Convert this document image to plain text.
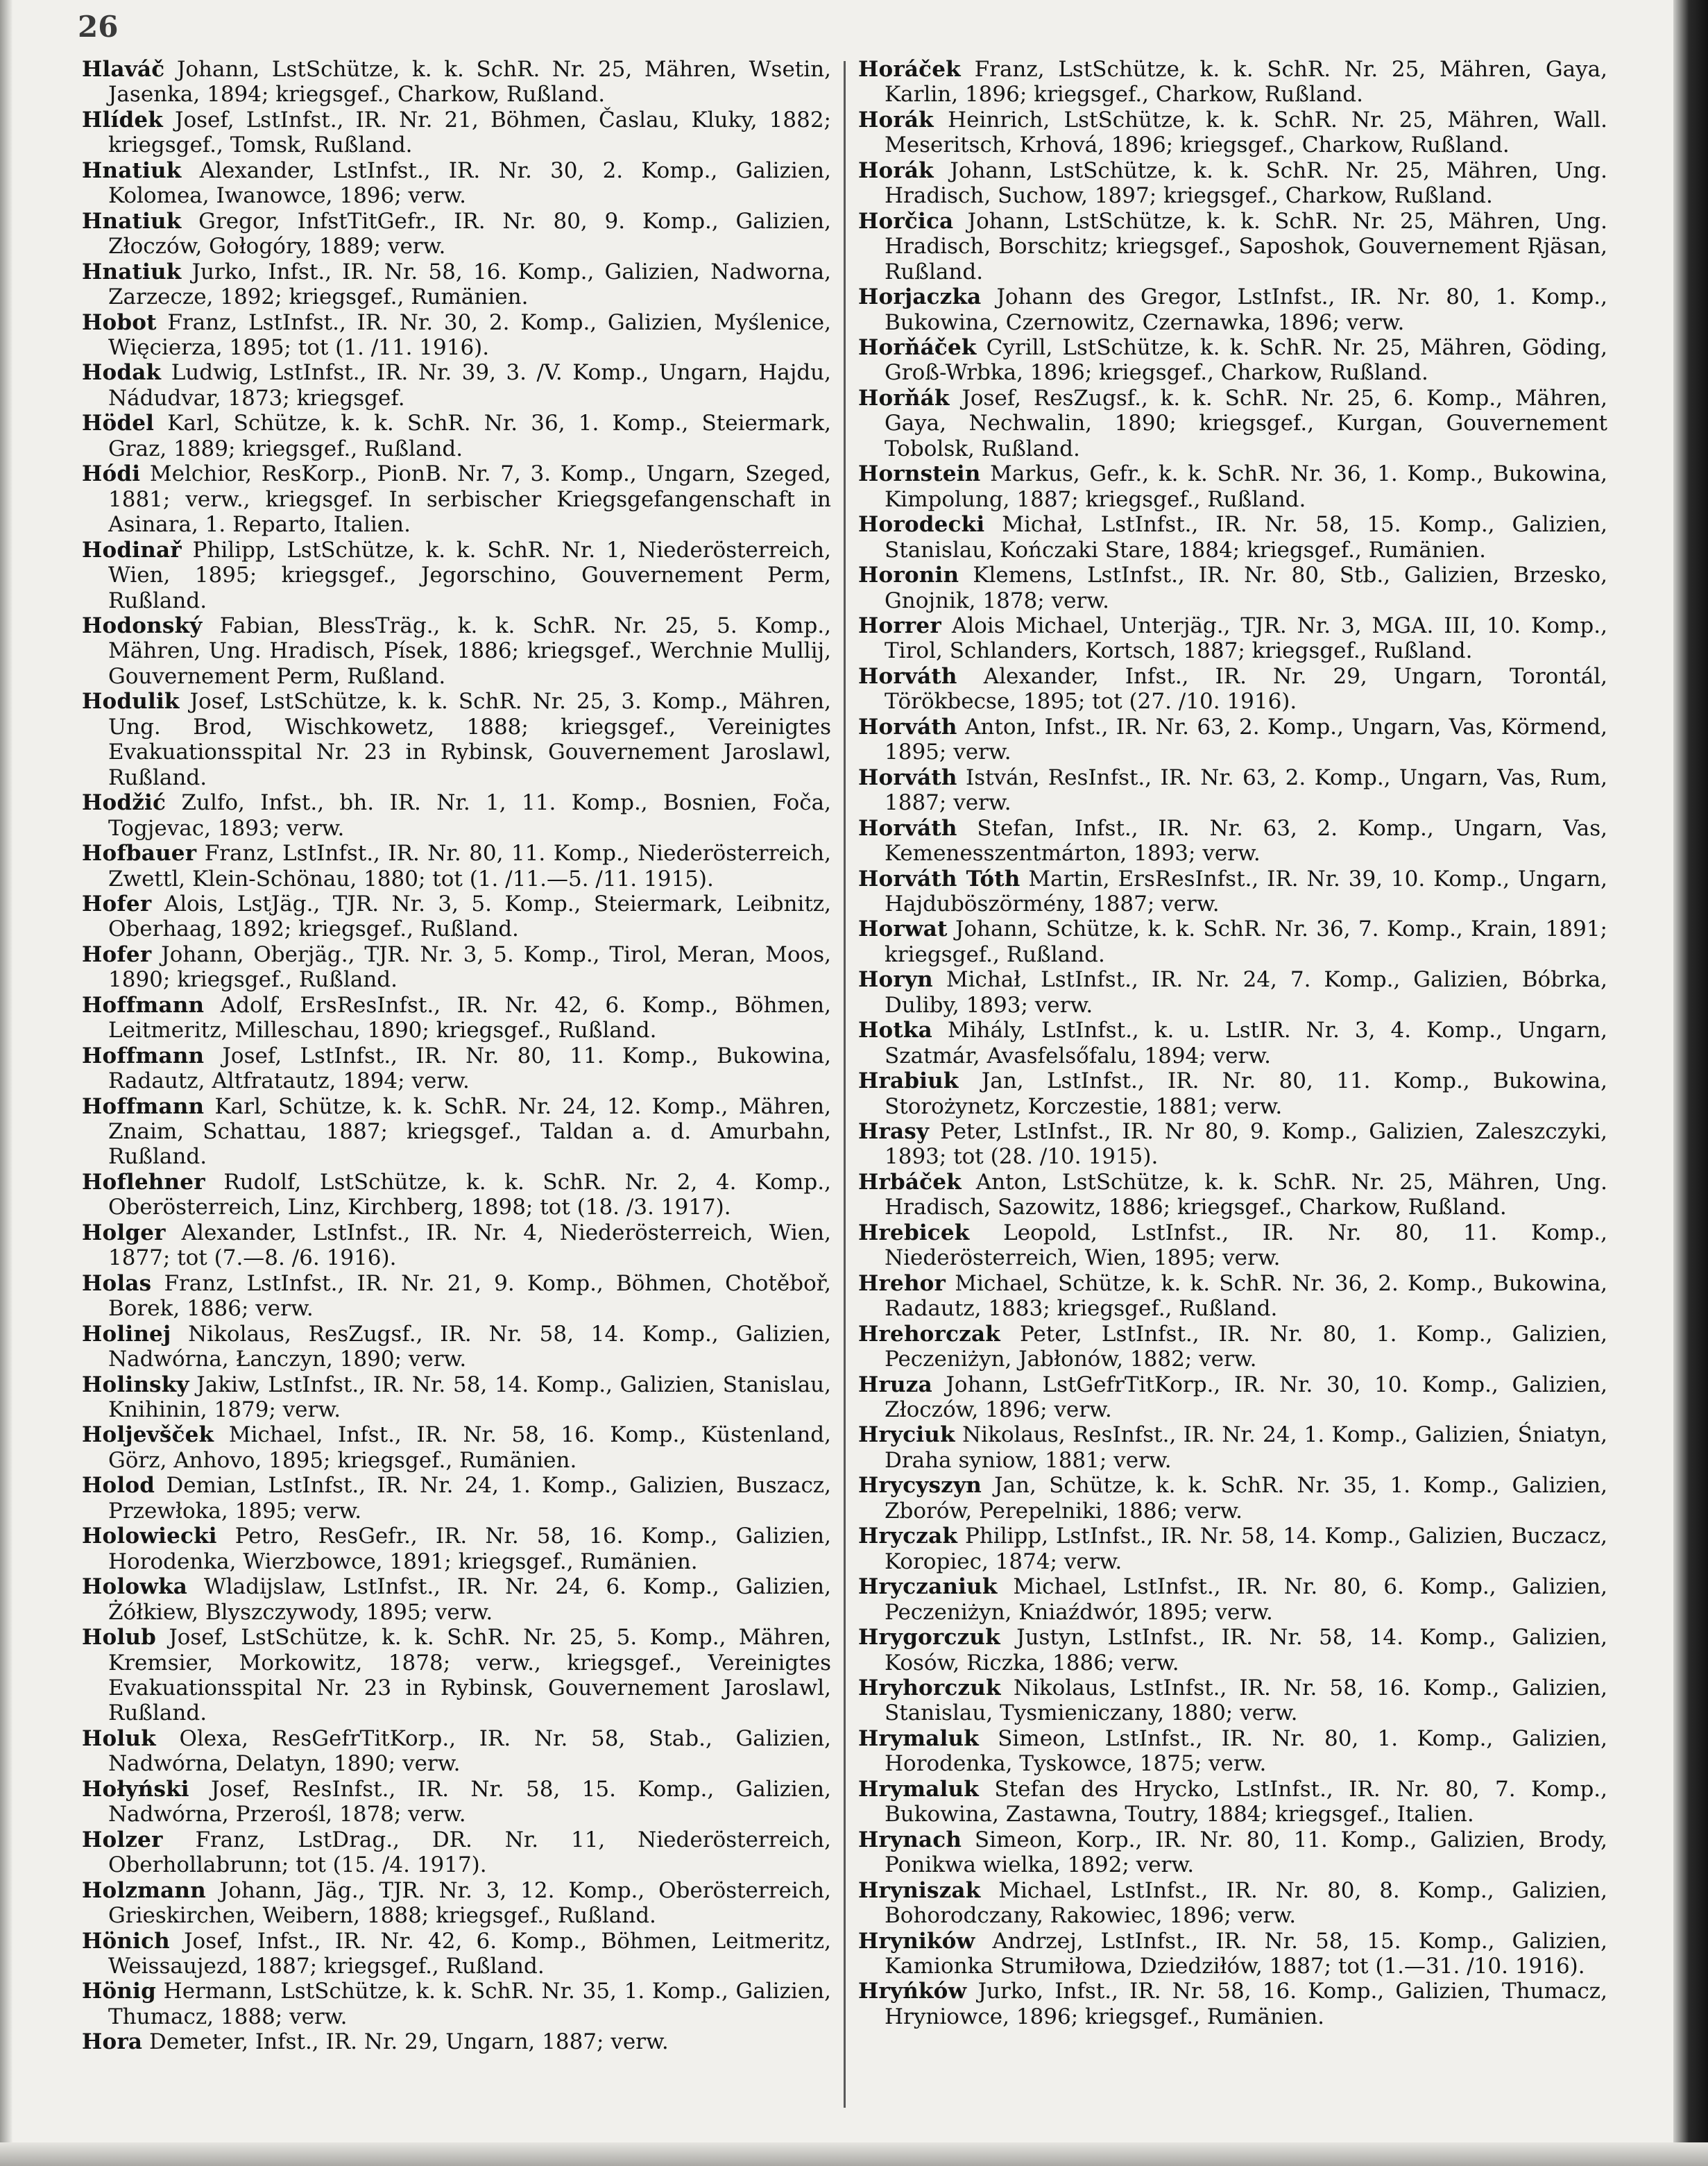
26

Hlaváč Johann, LstSchütze, k. k. SchR. Nr. 25, Mähren, Wsetin, Jasenka, 1894; kriegsgef., Charkow, Rußland.

Hlídek Josef, LstInfst., IR. Nr. 21, Böhmen, Časlau, Kluky, 1882; kriegsgef., Tomsk, Rußland.

Hnatiuk Alexander, LstInfst., IR. Nr. 30, 2. Komp., Galizien, Kolomea, Iwanowce, 1896; verw.

Hnatiuk Gregor, InfstTitGefr., IR. Nr. 80, 9. Komp., Galizien, Złoczów, Gołogóry, 1889; verw.

Hnatiuk Jurko, Infst., IR. Nr. 58, 16. Komp., Galizien, Nadworna, Zarzecze, 1892; kriegsgef., Rumänien.

Hobot Franz, LstInfst., IR. Nr. 30, 2. Komp., Galizien, Myślenice, Więcierza, 1895; tot (1. /11. 1916).

Hodak Ludwig, LstInfst., IR. Nr. 39, 3. /V. Komp., Ungarn, Hajdu, Nádudvar, 1873; kriegsgef.

Hödel Karl, Schütze, k. k. SchR. Nr. 36, 1. Komp., Steiermark, Graz, 1889; kriegsgef., Rußland.

Hódi Melchior, ResKorp., PionB. Nr. 7, 3. Komp., Ungarn, Szeged, 1881; verw., kriegsgef. In serbischer Kriegsgefangenschaft in Asinara, 1. Reparto, Italien.

Hodinař Philipp, LstSchütze, k. k. SchR. Nr. 1, Niederösterreich, Wien, 1895; kriegsgef., Jegorschino, Gouvernement Perm, Rußland.

Hodonský Fabian, BlessTräg., k. k. SchR. Nr. 25, 5. Komp., Mähren, Ung. Hradisch, Písek, 1886; kriegsgef., Werchnie Mullij, Gouvernement Perm, Rußland.

Hodulik Josef, LstSchütze, k. k. SchR. Nr. 25, 3. Komp., Mähren, Ung. Brod, Wischkowetz, 1888; kriegsgef., Vereinigtes Evakuationsspital Nr. 23 in Rybinsk, Gouvernement Jaroslawl, Rußland.

Hodžić Zulfo, Infst., bh. IR. Nr. 1, 11. Komp., Bosnien, Foča, Togjevac, 1893; verw.

Hofbauer Franz, LstInfst., IR. Nr. 80, 11. Komp., Niederösterreich, Zwettl, Klein-Schönau, 1880; tot (1. /11.—5. /11. 1915).

Hofer Alois, LstJäg., TJR. Nr. 3, 5. Komp., Steiermark, Leibnitz, Oberhaag, 1892; kriegsgef., Rußland.

Hofer Johann, Oberjäg., TJR. Nr. 3, 5. Komp., Tirol, Meran, Moos, 1890; kriegsgef., Rußland.

Hoffmann Adolf, ErsResInfst., IR. Nr. 42, 6. Komp., Böhmen, Leitmeritz, Milleschau, 1890; kriegsgef., Rußland.

Hoffmann Josef, LstInfst., IR. Nr. 80, 11. Komp., Bukowina, Radautz, Altfratautz, 1894; verw.

Hoffmann Karl, Schütze, k. k. SchR. Nr. 24, 12. Komp., Mähren, Znaim, Schattau, 1887; kriegsgef., Taldan a. d. Amurbahn, Rußland.

Hoflehner Rudolf, LstSchütze, k. k. SchR. Nr. 2, 4. Komp., Oberösterreich, Linz, Kirchberg, 1898; tot (18. /3. 1917).

Holger Alexander, LstInfst., IR. Nr. 4, Niederösterreich, Wien, 1877; tot (7.—8. /6. 1916).

Holas Franz, LstInfst., IR. Nr. 21, 9. Komp., Böhmen, Chotěboř, Borek, 1886; verw.

Holinej Nikolaus, ResZugsf., IR. Nr. 58, 14. Komp., Galizien, Nadwórna, Łanczyn, 1890; verw.

Holinsky Jakiw, LstInfst., IR. Nr. 58, 14. Komp., Galizien, Stanislau, Knihinin, 1879; verw.

Holjevšček Michael, Infst., IR. Nr. 58, 16. Komp., Küstenland, Görz, Anhovo, 1895; kriegsgef., Rumänien.

Holod Demian, LstInfst., IR. Nr. 24, 1. Komp., Galizien, Buszacz, Przewłoka, 1895; verw.

Holowiecki Petro, ResGefr., IR. Nr. 58, 16. Komp., Galizien, Horodenka, Wierzbowce, 1891; kriegsgef., Rumänien.

Holowka Wladijslaw, LstInfst., IR. Nr. 24, 6. Komp., Galizien, Żółkiew, Blyszczywody, 1895; verw.

Holub Josef, LstSchütze, k. k. SchR. Nr. 25, 5. Komp., Mähren, Kremsier, Morkowitz, 1878; verw., kriegsgef., Vereinigtes Evakuationsspital Nr. 23 in Rybinsk, Gouvernement Jaroslawl, Rußland.

Holuk Olexa, ResGefrTitKorp., IR. Nr. 58, Stab., Galizien, Nadwórna, Delatyn, 1890; verw.

Hołyński Josef, ResInfst., IR. Nr. 58, 15. Komp., Galizien, Nadwórna, Przerośl, 1878; verw.

Holzer Franz, LstDrag., DR. Nr. 11, Niederösterreich, Oberhollabrunn; tot (15. /4. 1917).

Holzmann Johann, Jäg., TJR. Nr. 3, 12. Komp., Oberösterreich, Grieskirchen, Weibern, 1888; kriegsgef., Rußland.

Hönich Josef, Infst., IR. Nr. 42, 6. Komp., Böhmen, Leitmeritz, Weissaujezd, 1887; kriegsgef., Rußland.

Hönig Hermann, LstSchütze, k. k. SchR. Nr. 35, 1. Komp., Galizien, Thumacz, 1888; verw.

Hora Demeter, Infst., IR. Nr. 29, Ungarn, 1887; verw.

Horáček Franz, LstSchütze, k. k. SchR. Nr. 25, Mähren, Gaya, Karlin, 1896; kriegsgef., Charkow, Rußland.

Horák Heinrich, LstSchütze, k. k. SchR. Nr. 25, Mähren, Wall. Meseritsch, Krhová, 1896; kriegsgef., Charkow, Rußland.

Horák Johann, LstSchütze, k. k. SchR. Nr. 25, Mähren, Ung. Hradisch, Suchow, 1897; kriegsgef., Charkow, Rußland.

Horčica Johann, LstSchütze, k. k. SchR. Nr. 25, Mähren, Ung. Hradisch, Borschitz; kriegsgef., Saposhok, Gouvernement Rjäsan, Rußland.

Horjaczka Johann des Gregor, LstInfst., IR. Nr. 80, 1. Komp., Bukowina, Czernowitz, Czernawka, 1896; verw.

Horňáček Cyrill, LstSchütze, k. k. SchR. Nr. 25, Mähren, Göding, Groß-Wrbka, 1896; kriegsgef., Charkow, Rußland.

Horňák Josef, ResZugsf., k. k. SchR. Nr. 25, 6. Komp., Mähren, Gaya, Nechwalin, 1890; kriegsgef., Kurgan, Gouvernement Tobolsk, Rußland.

Hornstein Markus, Gefr., k. k. SchR. Nr. 36, 1. Komp., Bukowina, Kimpolung, 1887; kriegsgef., Rußland.

Horodecki Michał, LstInfst., IR. Nr. 58, 15. Komp., Galizien, Stanislau, Kończaki Stare, 1884; kriegsgef., Rumänien.

Horonin Klemens, LstInfst., IR. Nr. 80, Stb., Galizien, Brzesko, Gnojnik, 1878; verw.

Horrer Alois Michael, Unterjäg., TJR. Nr. 3, MGA. III, 10. Komp., Tirol, Schlanders, Kortsch, 1887; kriegsgef., Rußland.

Horváth Alexander, Infst., IR. Nr. 29, Ungarn, Torontál, Törökbecse, 1895; tot (27. /10. 1916).

Horváth Anton, Infst., IR. Nr. 63, 2. Komp., Ungarn, Vas, Körmend, 1895; verw.

Horváth István, ResInfst., IR. Nr. 63, 2. Komp., Ungarn, Vas, Rum, 1887; verw.

Horváth Stefan, Infst., IR. Nr. 63, 2. Komp., Ungarn, Vas, Kemenesszentmárton, 1893; verw.

Horváth Tóth Martin, ErsResInfst., IR. Nr. 39, 10. Komp., Ungarn, Hajduböszörmény, 1887; verw.

Horwat Johann, Schütze, k. k. SchR. Nr. 36, 7. Komp., Krain, 1891; kriegsgef., Rußland.

Horyn Michał, LstInfst., IR. Nr. 24, 7. Komp., Galizien, Bóbrka, Duliby, 1893; verw.

Hotka Mihály, LstInfst., k. u. LstIR. Nr. 3, 4. Komp., Ungarn, Szatmár, Avasfelsőfalu, 1894; verw.

Hrabiuk Jan, LstInfst., IR. Nr. 80, 11. Komp., Bukowina, Storożynetz, Korczestie, 1881; verw.

Hrasy Peter, LstInfst., IR. Nr 80, 9. Komp., Galizien, Zaleszczyki, 1893; tot (28. /10. 1915).

Hrbáček Anton, LstSchütze, k. k. SchR. Nr. 25, Mähren, Ung. Hradisch, Sazowitz, 1886; kriegsgef., Charkow, Rußland.

Hrebicek Leopold, LstInfst., IR. Nr. 80, 11. Komp., Niederösterreich, Wien, 1895; verw.

Hrehor Michael, Schütze, k. k. SchR. Nr. 36, 2. Komp., Bukowina, Radautz, 1883; kriegsgef., Rußland.

Hrehorczak Peter, LstInfst., IR. Nr. 80, 1. Komp., Galizien, Peczeniżyn, Jabłonów, 1882; verw.

Hruza Johann, LstGefrTitKorp., IR. Nr. 30, 10. Komp., Galizien, Złoczów, 1896; verw.

Hryciuk Nikolaus, ResInfst., IR. Nr. 24, 1. Komp., Galizien, Śniatyn, Draha syniow, 1881; verw.

Hrycyszyn Jan, Schütze, k. k. SchR. Nr. 35, 1. Komp., Galizien, Zborów, Perepelniki, 1886; verw.

Hryczak Philipp, LstInfst., IR. Nr. 58, 14. Komp., Galizien, Buczacz, Koropiec, 1874; verw.

Hryczaniuk Michael, LstInfst., IR. Nr. 80, 6. Komp., Galizien, Peczeniżyn, Kniaźdwór, 1895; verw.

Hrygorczuk Justyn, LstInfst., IR. Nr. 58, 14. Komp., Galizien, Kosów, Riczka, 1886; verw.

Hryhorczuk Nikolaus, LstInfst., IR. Nr. 58, 16. Komp., Galizien, Stanislau, Tysmieniczany, 1880; verw.

Hrymaluk Simeon, LstInfst., IR. Nr. 80, 1. Komp., Galizien, Horodenka, Tyskowce, 1875; verw.

Hrymaluk Stefan des Hrycko, LstInfst., IR. Nr. 80, 7. Komp., Bukowina, Zastawna, Toutry, 1884; kriegsgef., Italien.

Hrynach Simeon, Korp., IR. Nr. 80, 11. Komp., Galizien, Brody, Ponikwa wielka, 1892; verw.

Hryniszak Michael, LstInfst., IR. Nr. 80, 8. Komp., Galizien, Bohorodczany, Rakowiec, 1896; verw.

Hryników Andrzej, LstInfst., IR. Nr. 58, 15. Komp., Galizien, Kamionka Strumiłowa, Dziedziłów, 1887; tot (1.—31. /10. 1916).

Hryńków Jurko, Infst., IR. Nr. 58, 16. Komp., Galizien, Thumacz, Hryniowce, 1896; kriegsgef., Rumänien.
